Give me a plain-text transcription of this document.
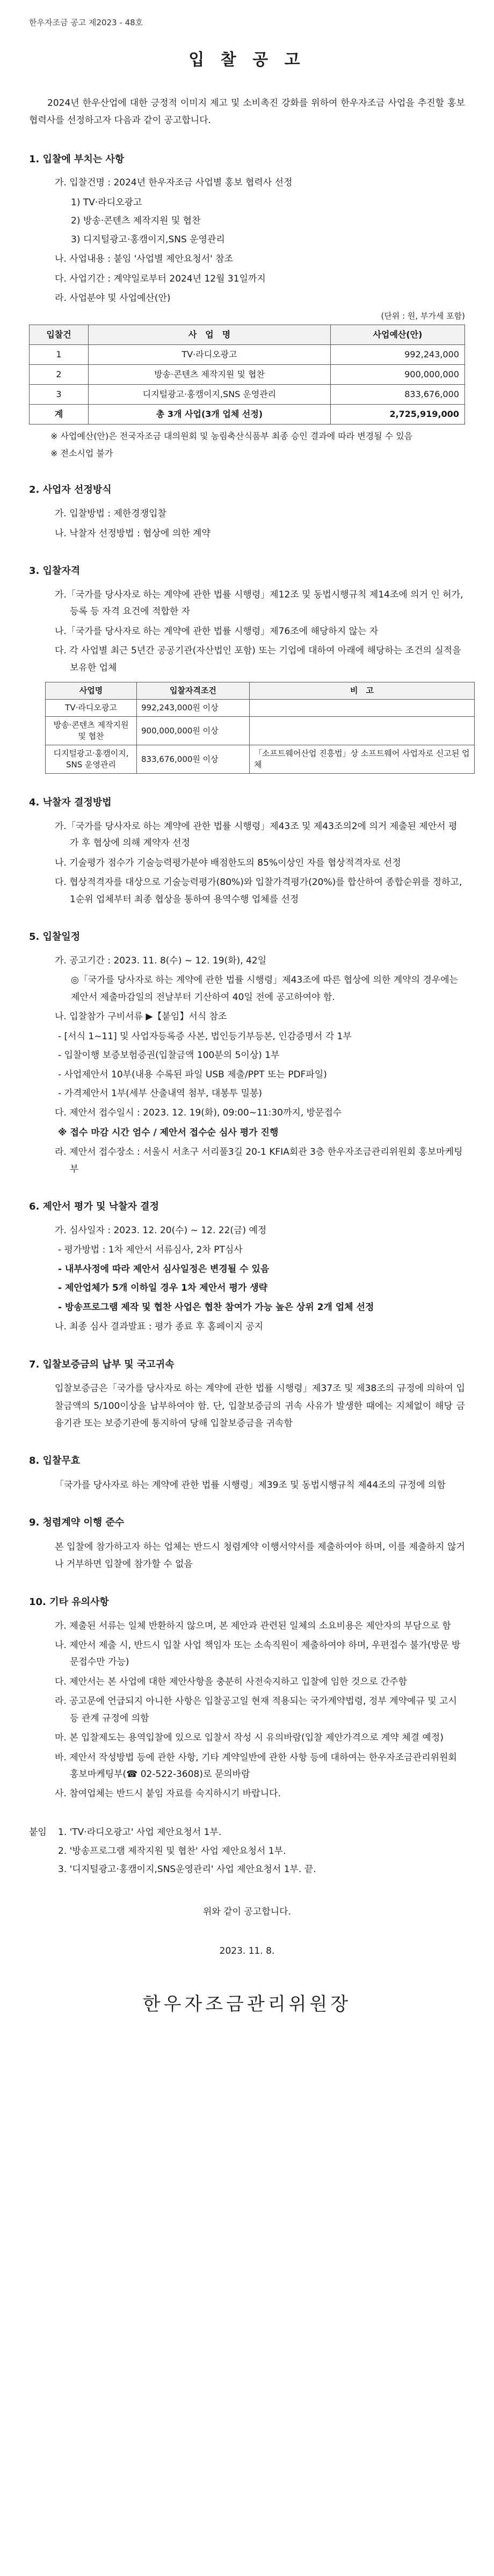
한우자조금 공고 제2023 - 48호
입 찰 공 고
2024년 한우산업에 대한 긍정적 이미지 제고 및 소비촉진 강화를 위하여 한우자조금 사업을 추진할 홍보 협력사를 선정하고자 다음과 같이 공고합니다.
1. 입찰에 부치는 사항
가. 입찰건명 : 2024년 한우자조금 사업별 홍보 협력사 선정
1) TV·라디오광고
2) 방송·콘텐츠 제작지원 및 협찬
3) 디지털광고·홍캠이지,SNS 운영관리
나. 사업내용 : 붙임 '사업별 제안요청서' 참조
다. 사업기간 : 계약일로부터 2024년 12월 31일까지
라. 사업분야 및 사업예산(안)
(단위 : 원, 부가세 포함)
입찰건	사　업　명	사업예산(안)
1	TV·라디오광고	992,243,000
2	방송·콘텐츠 제작지원 및 협찬	900,000,000
3	디지털광고·홍캠이지,SNS 운영관리	833,676,000
계	총 3개 사업(3개 업체 선정)	2,725,919,000
※ 사업예산(안)은 전국자조금 대의원회 및 농림축산식품부 최종 승인 결과에 따라 변경될 수 있음
※ 전소시업 불가
2. 사업자 선정방식
가. 입찰방법 : 제한경쟁입찰
나. 낙찰자 선정방법 : 협상에 의한 계약
3. 입찰자격
가.「국가를 당사자로 하는 계약에 관한 법률 시행령」제12조 및 동법시행규칙 제14조에 의거 인 허가, 등록 등 자격 요건에 적합한 자
나.「국가를 당사자로 하는 계약에 관한 법률 시행령」제76조에 해당하지 않는 자
다. 각 사업별 최근 5년간 공공기관(자산법인 포함) 또는 기업에 대하여 아래에 해당하는 조건의 실적을 보유한 업체
사업명	입찰자격조건	비　고
TV·라디오광고	992,243,000원 이상	
방송·콘텐츠 제작지원 및 협찬	900,000,000원 이상	
디지털광고·홍캠이지, SNS 운영관리	833,676,000원 이상	「소프트웨어산업 진흥법」상 소프트웨어 사업자로 신고된 업체
4. 낙찰자 결정방법
가.「국가를 당사자로 하는 계약에 관한 법률 시행령」제43조 및 제43조의2에 의거 제출된 제안서 평가 후 협상에 의해 계약자 선정
나. 기술평가 점수가 기술능력평가분야 배점한도의 85%이상인 자를 협상적격자로 선정
다. 협상적격자를 대상으로 기술능력평가(80%)와 입찰가격평가(20%)를 합산하여 종합순위를 정하고, 1순위 업체부터 최종 협상을 통하여 용역수행 업체를 선정
5. 입찰일정
가. 공고기간 : 2023. 11. 8(수) ~ 12. 19(화), 42일
◎「국가를 당사자로 하는 계약에 관한 법률 시행령」제43조에 따른 협상에 의한 계약의 경우에는 제안서 제출마감일의 전날부터 기산하여 40일 전에 공고하여야 함.
나. 입찰참가 구비서류 ▶【붙임】서식 참조
- [서식 1~11] 및 사업자등록증 사본, 법인등기부등본, 인감증명서 각 1부
- 입찰이행 보증보험증권(입찰금액 100분의 5이상) 1부
- 사업제안서 10부(내용 수록된 파일 USB 제출/PPT 또는 PDF파일)
- 가격제안서 1부(세부 산출내역 첨부, 대봉투 밀봉)
다. 제안서 접수일시 : 2023. 12. 19(화), 09:00~11:30까지, 방문접수
※ 접수 마감 시간 엄수 / 제안서 접수순 심사 평가 진행
라. 제안서 접수장소 : 서울시 서초구 서리풀3길 20-1 KFIA회관 3층 한우자조금관리위원회 홍보마케팅부
6. 제안서 평가 및 낙찰자 결정
가. 심사일자 : 2023. 12. 20(수) ~ 12. 22(금) 예정
- 평가방법 : 1차 제안서 서류심사, 2차 PT심사
- 내부사정에 따라 제안서 심사일정은 변경될 수 있음
- 제안업체가 5개 이하일 경우 1차 제안서 평가 생략
- 방송프로그램 제작 및 협찬 사업은 협찬 참여가 가능 높은 상위 2개 업체 선정
나. 최종 심사 결과발표 : 평가 종료 후 홈페이지 공지
7. 입찰보증금의 납부 및 국고귀속
입찰보증금은「국가를 당사자로 하는 계약에 관한 법률 시행령」제37조 및 제38조의 규정에 의하여 입찰금액의 5/100이상을 납부하여야 함. 단, 입찰보증금의 귀속 사유가 발생한 때에는 지체없이 해당 금융기관 또는 보증기관에 통지하여 당해 입찰보증금을 귀속함
8. 입찰무효
「국가를 당사자로 하는 계약에 관한 법률 시행령」제39조 및 동법시행규칙 제44조의 규정에 의함
9. 청렴계약 이행 준수
본 입찰에 참가하고자 하는 업체는 반드시 청렴계약 이행서약서를 제출하여야 하며, 이를 제출하지 않거나 거부하면 입찰에 참가할 수 없음
10. 기타 유의사항
가. 제출된 서류는 일체 반환하지 않으며, 본 제안과 관련된 일체의 소요비용은 제안자의 부담으로 함
나. 제안서 제출 시, 반드시 입찰 사업 책임자 또는 소속직원이 제출하여야 하며, 우편접수 불가(방문 방문접수만 가능)
다. 제안서는 본 사업에 대한 제안사항을 충분히 사전숙지하고 입찰에 임한 것으로 간주함
라. 공고문에 언급되지 아니한 사항은 입찰공고일 현재 적용되는 국가계약법령, 정부 계약예규 및 고시 등 관계 규정에 의함
마. 본 입찰제도는 용역입찰에 있으로 입찰서 작성 시 유의바람(입찰 제안가격으로 계약 체결 예정)
바. 제안서 작성방법 등에 관한 사항, 기타 계약일반에 관한 사항 등에 대하여는 한우자조금관리위원회 홍보마케팅부(☎ 02-522-3608)로 문의바람
사. 참여업체는 반드시 붙임 자료를 숙지하시기 바랍니다.
붙임	1. 'TV·라디오광고' 사업 제안요청서 1부.
2. '방송프로그램 제작지원 및 협찬' 사업 제안요청서 1부.
3. '디지털광고·홍캠이지,SNS운영관리' 사업 제안요청서 1부. 끝.
위와 같이 공고합니다.
2023. 11. 8.
한우자조금관리위원장
